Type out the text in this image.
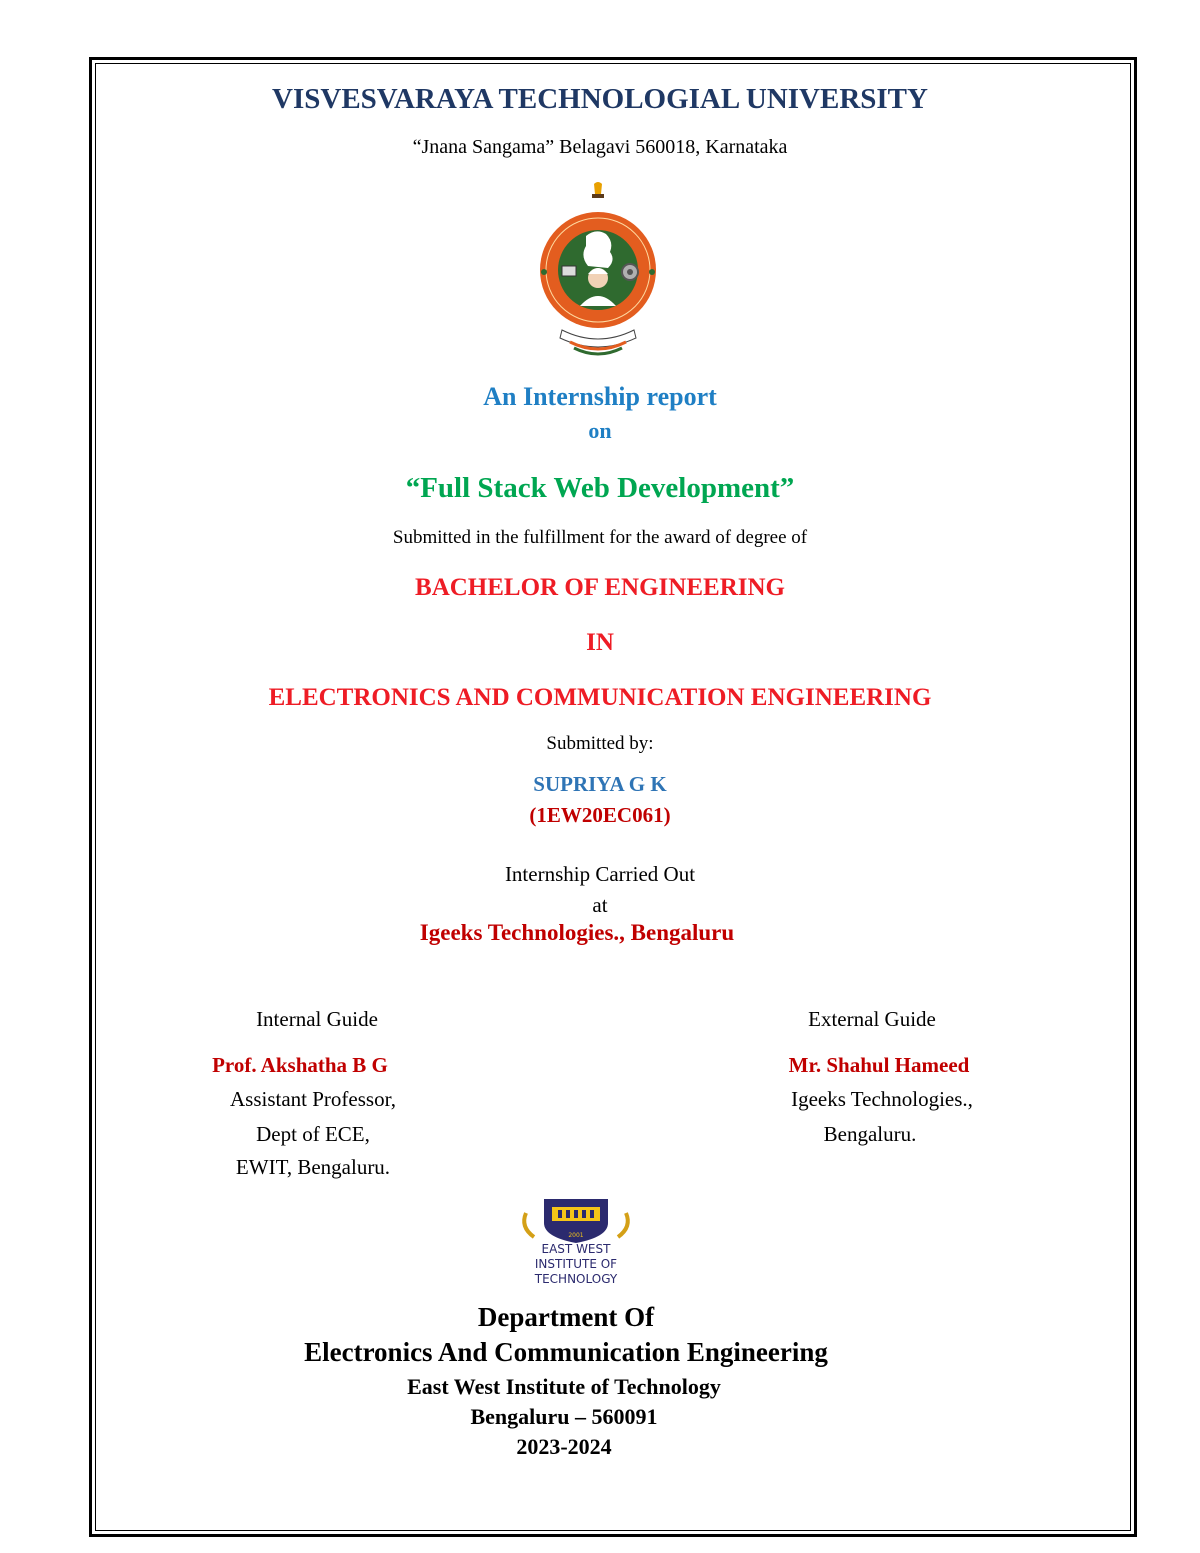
VISVESVARAYA TECHNOLOGIAL UNIVERSITY
“Jnana Sangama” Belagavi 560018, Karnataka
An Internship report
on
“Full Stack Web Development”
Submitted in the fulfillment for the award of degree of
BACHELOR OF ENGINEERING
IN
ELECTRONICS AND COMMUNICATION ENGINEERING
Submitted by:
SUPRIYA G K
(1EW20EC061)
Internship Carried Out
at
Igeeks Technologies., Bengaluru
Internal Guide
Prof. Akshatha B G
Assistant Professor,
Dept of ECE,
EWIT, Bengaluru.
External Guide
Mr. Shahul Hameed
Igeeks Technologies.,
Bengaluru.
2001
EAST WEST
INSTITUTE OF
TECHNOLOGY
Department Of
Electronics And Communication Engineering
East West Institute of Technology
Bengaluru – 560091
2023-2024
